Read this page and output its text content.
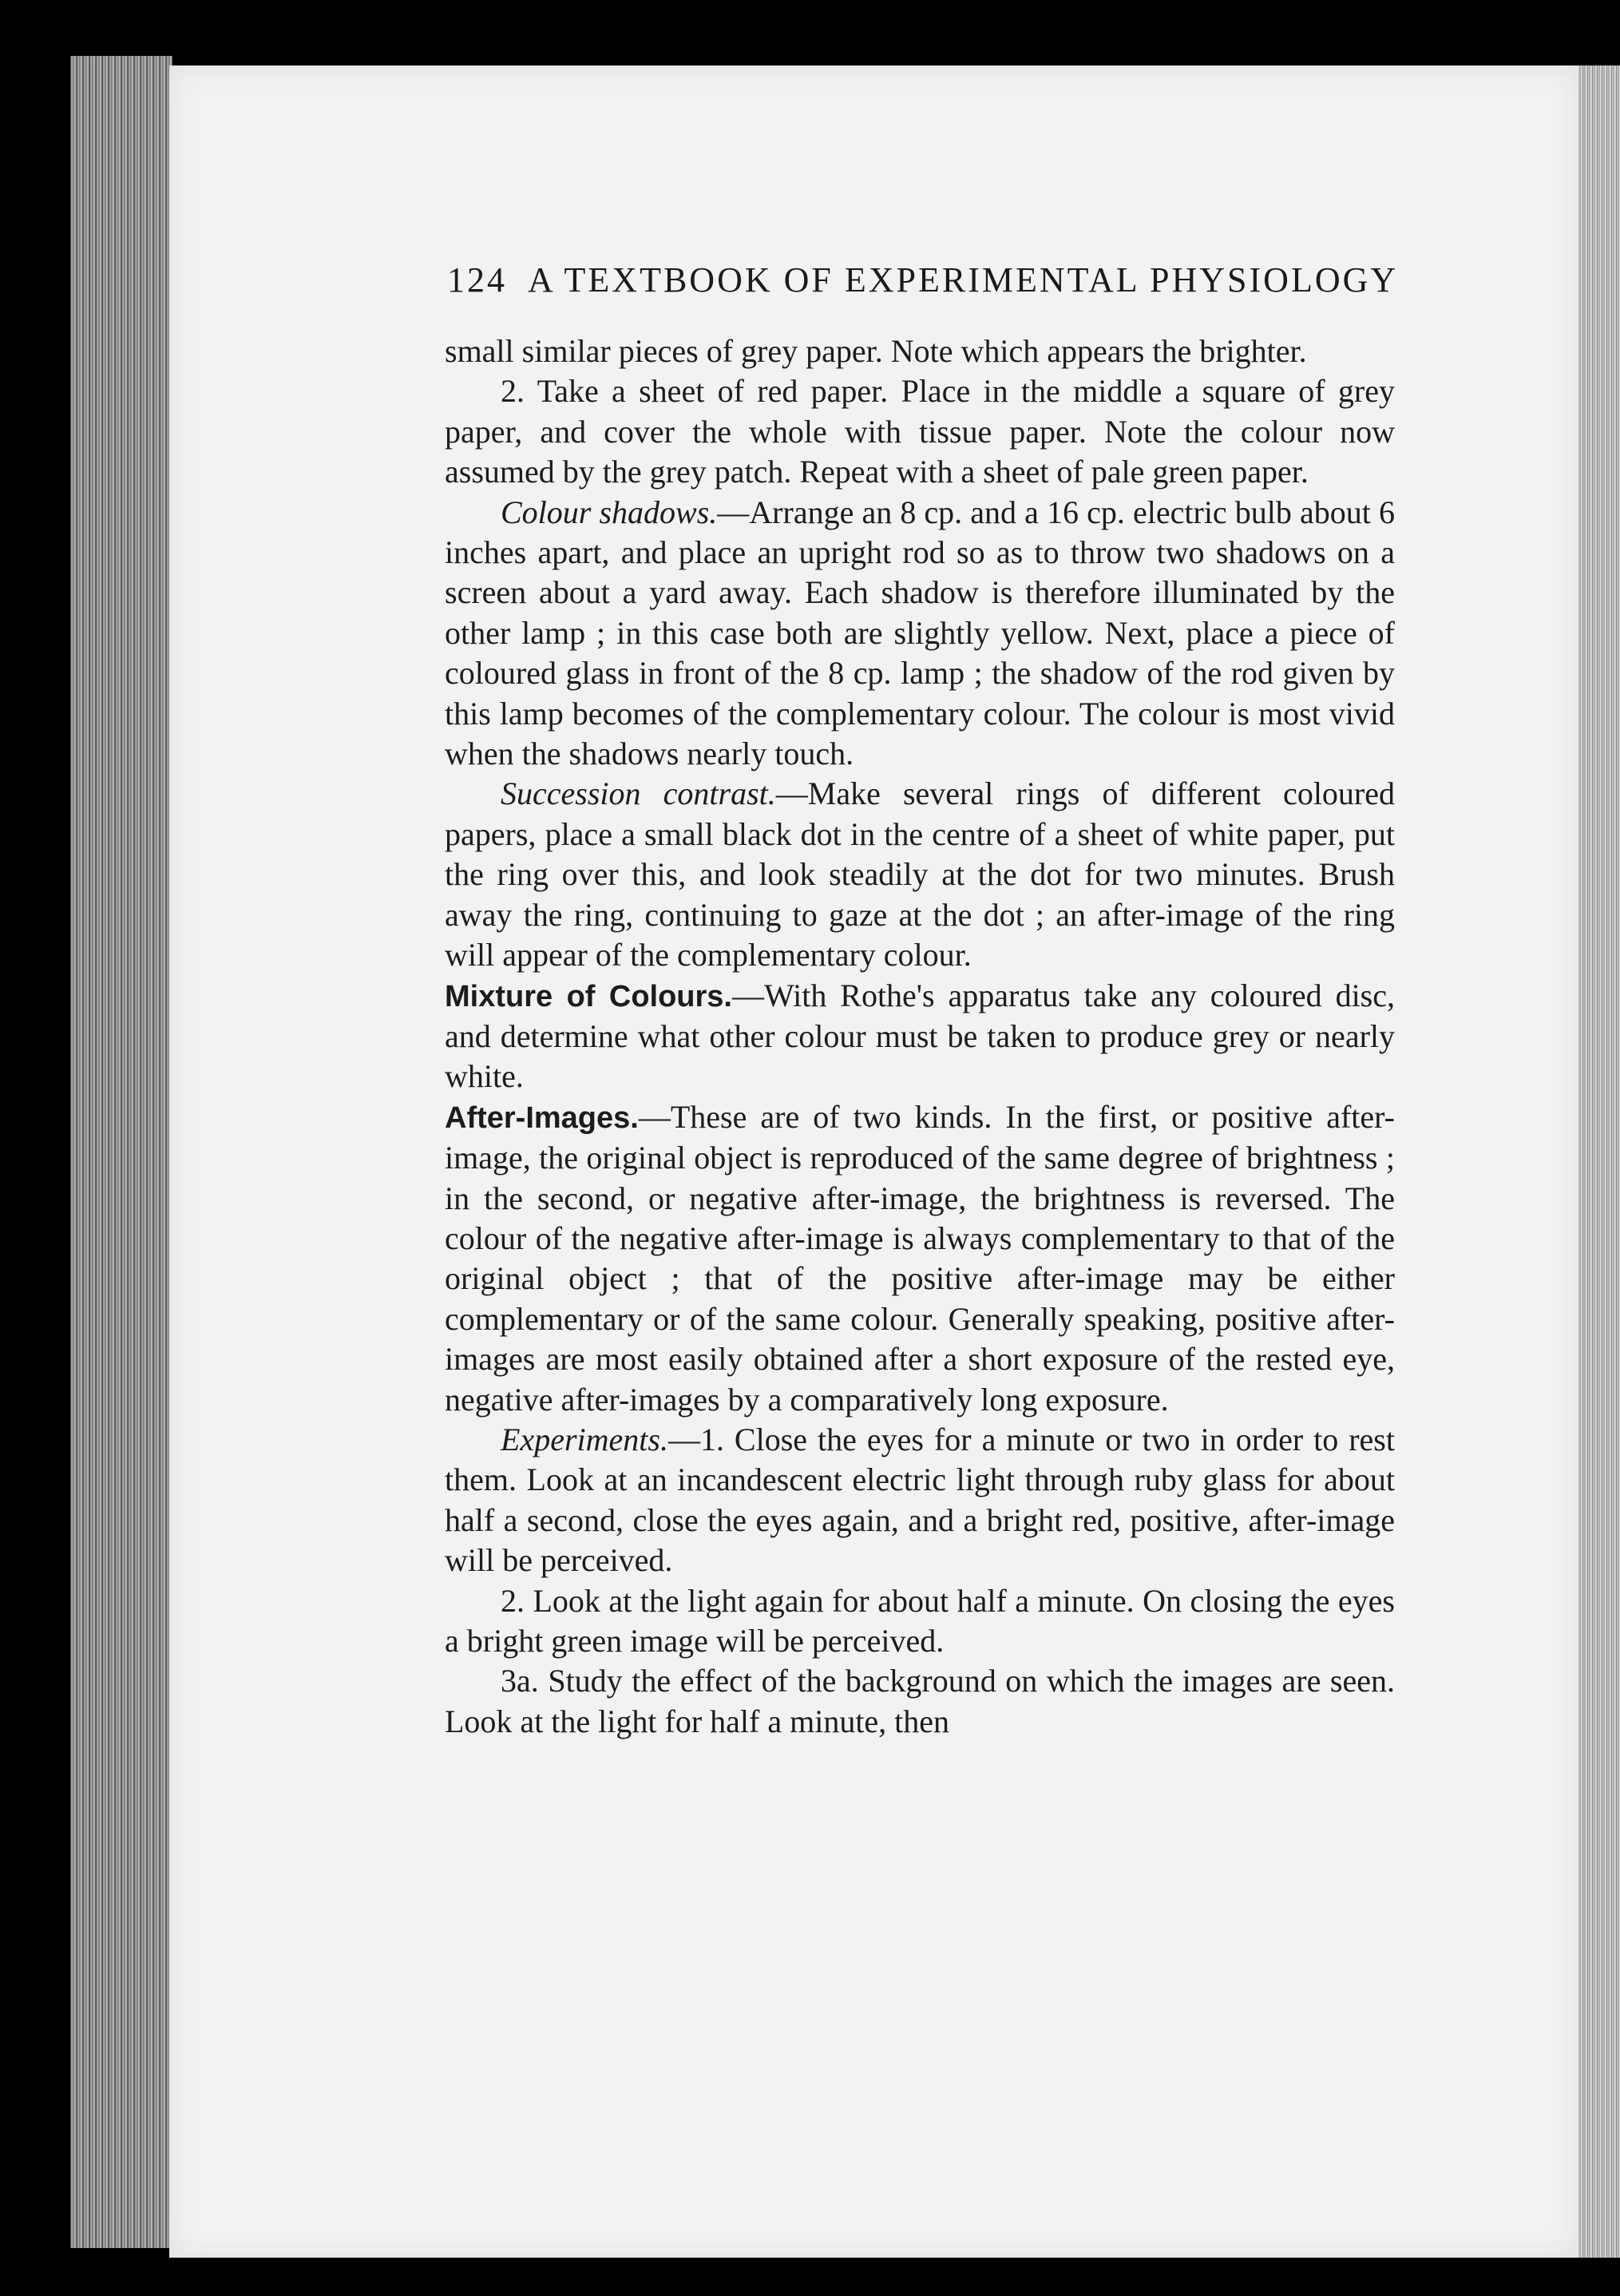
124 A TEXTBOOK OF EXPERIMENTAL PHYSIOLOGY

small similar pieces of grey paper. Note which appears the brighter.

2. Take a sheet of red paper. Place in the middle a square of grey paper, and cover the whole with tissue paper. Note the colour now assumed by the grey patch. Repeat with a sheet of pale green paper.

Colour shadows.—Arrange an 8 cp. and a 16 cp. electric bulb about 6 inches apart, and place an upright rod so as to throw two shadows on a screen about a yard away. Each shadow is therefore illuminated by the other lamp ; in this case both are slightly yellow. Next, place a piece of coloured glass in front of the 8 cp. lamp ; the shadow of the rod given by this lamp becomes of the complementary colour. The colour is most vivid when the shadows nearly touch.

Succession contrast.—Make several rings of different coloured papers, place a small black dot in the centre of a sheet of white paper, put the ring over this, and look steadily at the dot for two minutes. Brush away the ring, continuing to gaze at the dot ; an after-image of the ring will appear of the complementary colour.

Mixture of Colours.—With Rothe's apparatus take any coloured disc, and determine what other colour must be taken to produce grey or nearly white.

After-Images.—These are of two kinds. In the first, or positive after-image, the original object is reproduced of the same degree of brightness ; in the second, or negative after-image, the brightness is reversed. The colour of the negative after-image is always complementary to that of the original object ; that of the positive after-image may be either complementary or of the same colour. Generally speaking, positive after-images are most easily obtained after a short exposure of the rested eye, negative after-images by a comparatively long exposure.

Experiments.—1. Close the eyes for a minute or two in order to rest them. Look at an incandescent electric light through ruby glass for about half a second, close the eyes again, and a bright red, positive, after-image will be perceived.

2. Look at the light again for about half a minute. On closing the eyes a bright green image will be perceived.

3a. Study the effect of the background on which the images are seen. Look at the light for half a minute, then
